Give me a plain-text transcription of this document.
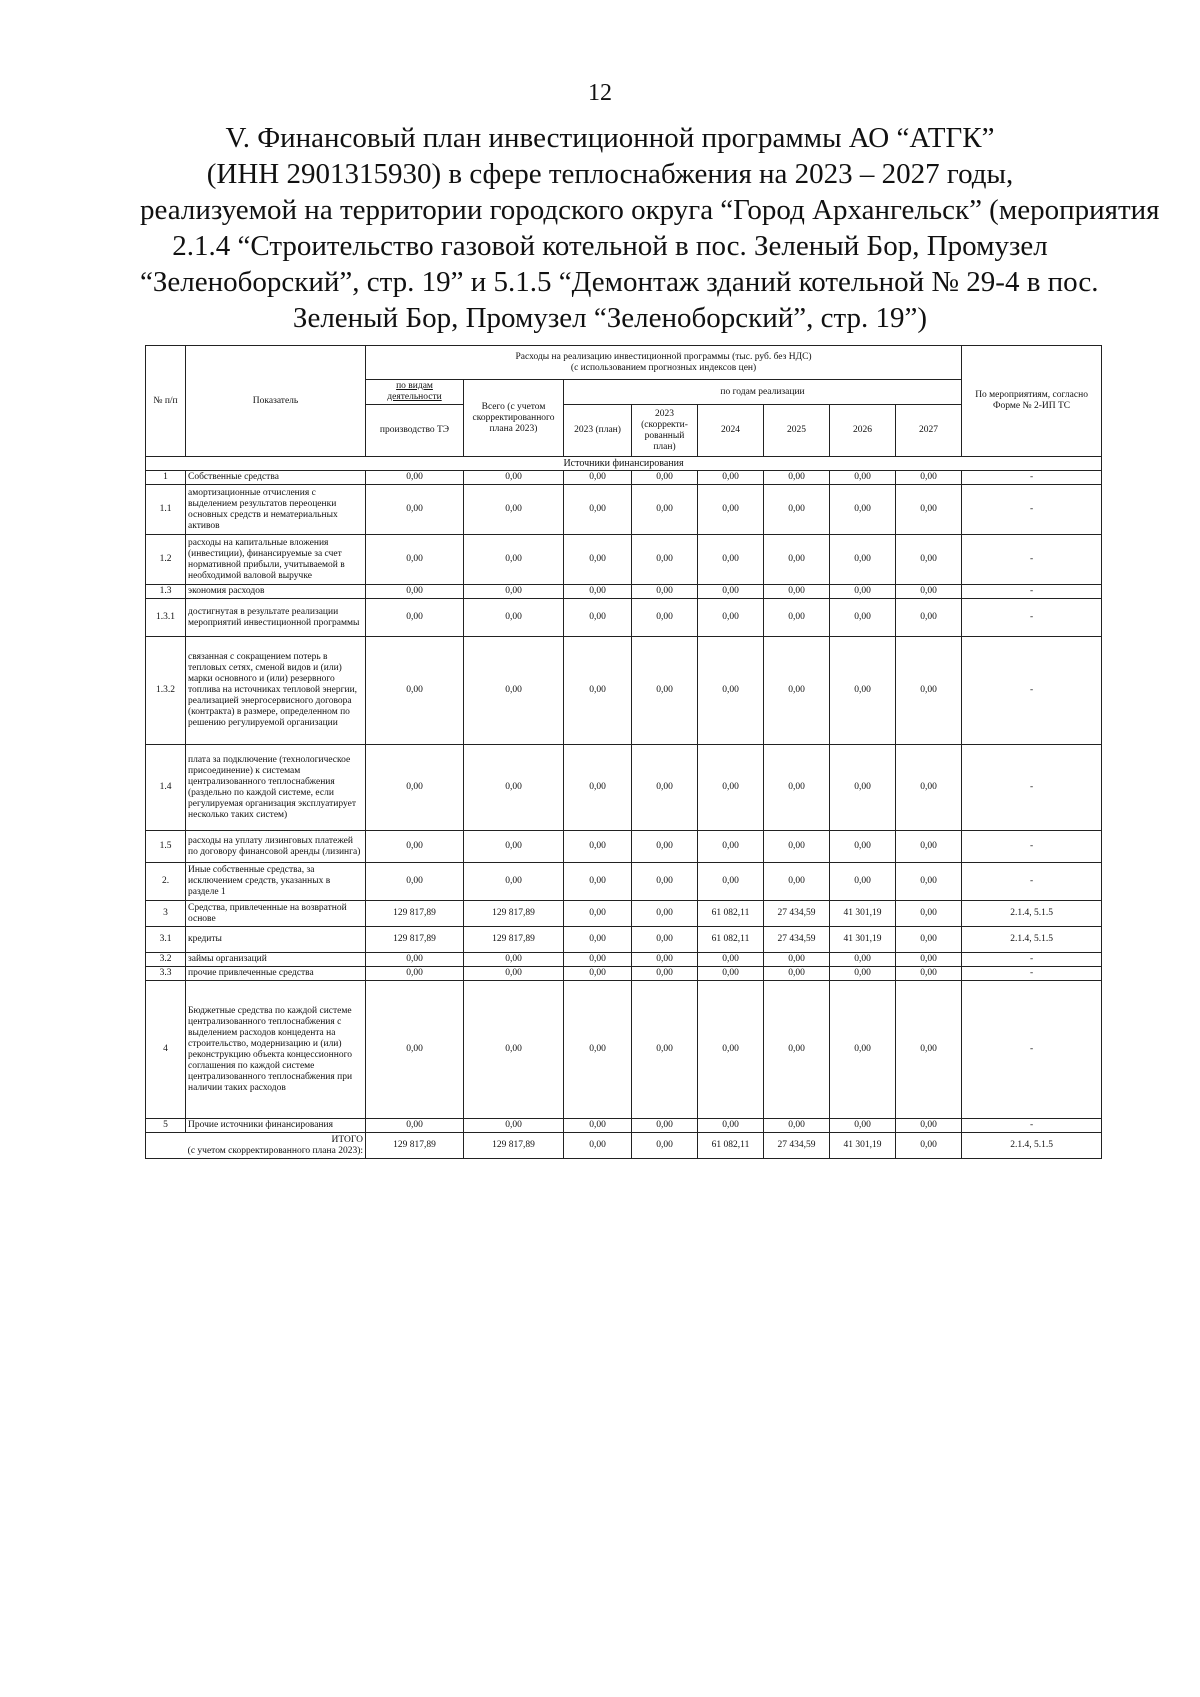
12
V. Финансовый план инвестиционной программы АО “АТГК”
(ИНН 2901315930) в сфере теплоснабжения на 2023 – 2027 годы,
реализуемой на территории городского округа “Город Архангельск” (мероприятия
2.1.4 “Строительство газовой котельной в пос. Зеленый Бор, Промузел
“Зеленоборский”, стр. 19” и 5.1.5 “Демонтаж зданий котельной № 29-4 в пос.
Зеленый Бор, Промузел “Зеленоборский”, стр. 19”)
№ п/п	Показатель	Расходы на реализацию инвестиционной программы (тыс. руб. без НДС)
(с использованием прогнозных индексов цен)								По мероприятиям, согласно Форме № 2-ИП ТС
		по видам деятельности	Всего (с учетом скорректированного плана 2023)	по годам реализации						
		производство ТЭ		2023 (план)	2023 (скорректи-рованный план)	2024	2025	2026	2027	
Источники финансирования										
1	Собственные средства	0,00	0,00	0,00	0,00	0,00	0,00	0,00	0,00	-
1.1	амортизационные отчисления с выделением результатов переоценки основных средств и нематериальных активов	0,00	0,00	0,00	0,00	0,00	0,00	0,00	0,00	-
1.2	расходы на капитальные вложения (инвестиции), финансируемые за счет нормативной прибыли, учитываемой в необходимой валовой выручке	0,00	0,00	0,00	0,00	0,00	0,00	0,00	0,00	-
1.3	экономия расходов	0,00	0,00	0,00	0,00	0,00	0,00	0,00	0,00	-
1.3.1	достигнутая в результате реализации мероприятий инвестиционной программы	0,00	0,00	0,00	0,00	0,00	0,00	0,00	0,00	-
1.3.2	связанная с сокращением потерь в тепловых сетях, сменой видов и (или) марки основного и (или) резервного топлива на источниках тепловой энергии, реализацией энергосервисного договора (контракта) в размере, определенном по решению регулируемой организации	0,00	0,00	0,00	0,00	0,00	0,00	0,00	0,00	-
1.4	плата за подключение (технологическое присоединение) к системам централизованного теплоснабжения (раздельно по каждой системе, если регулируемая организация эксплуатирует несколько таких систем)	0,00	0,00	0,00	0,00	0,00	0,00	0,00	0,00	-
1.5	расходы на уплату лизинговых платежей по договору финансовой аренды (лизинга)	0,00	0,00	0,00	0,00	0,00	0,00	0,00	0,00	-
2.	Иные собственные средства, за исключением средств, указанных в разделе 1	0,00	0,00	0,00	0,00	0,00	0,00	0,00	0,00	-
3	Средства, привлеченные на возвратной основе	129 817,89	129 817,89	0,00	0,00	61 082,11	27 434,59	41 301,19	0,00	2.1.4, 5.1.5
3.1	кредиты	129 817,89	129 817,89	0,00	0,00	61 082,11	27 434,59	41 301,19	0,00	2.1.4, 5.1.5
3.2	займы организаций	0,00	0,00	0,00	0,00	0,00	0,00	0,00	0,00	-
3.3	прочие привлеченные средства	0,00	0,00	0,00	0,00	0,00	0,00	0,00	0,00	-
4	Бюджетные средства по каждой системе централизованного теплоснабжения с выделением расходов концедента на строительство, модернизацию и (или) реконструкцию объекта концессионного соглашения по каждой системе централизованного теплоснабжения при наличии таких расходов	0,00	0,00	0,00	0,00	0,00	0,00	0,00	0,00	-
5	Прочие источники финансирования	0,00	0,00	0,00	0,00	0,00	0,00	0,00	0,00	-

ИТОГО
(с учетом скорректированного плана 2023):		129 817,89	129 817,89	0,00	0,00	61 082,11	27 434,59	41 301,19	0,00	2.1.4, 5.1.5
